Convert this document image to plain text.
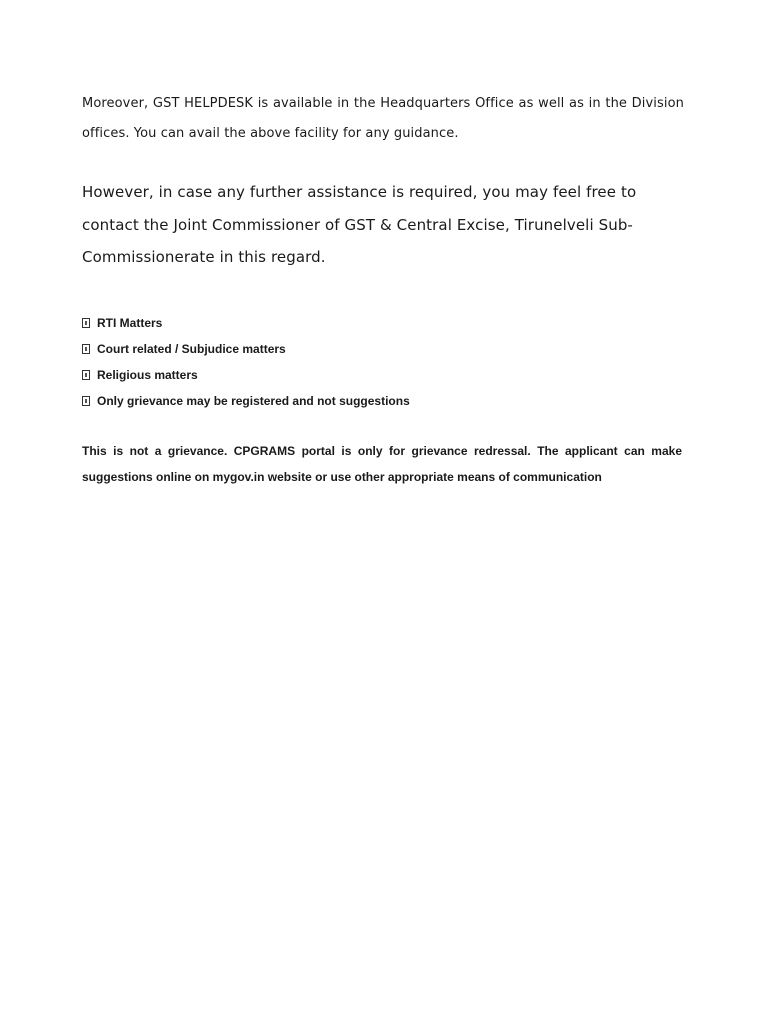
Moreover, GST HELPDESK is available in the Headquarters Office as well as in the Division offices. You can avail the above facility for any guidance.

However, in case any further assistance is required, you may feel free to contact the Joint Commissioner of GST & Central Excise, Tirunelveli Sub-Commissionerate in this regard.

RTI Matters
Court related / Subjudice matters
Religious matters
Only grievance may be registered and not suggestions

This is not a grievance. CPGRAMS portal is only for grievance redressal. The applicant can make suggestions online on mygov.in website or use other appropriate means of communication
